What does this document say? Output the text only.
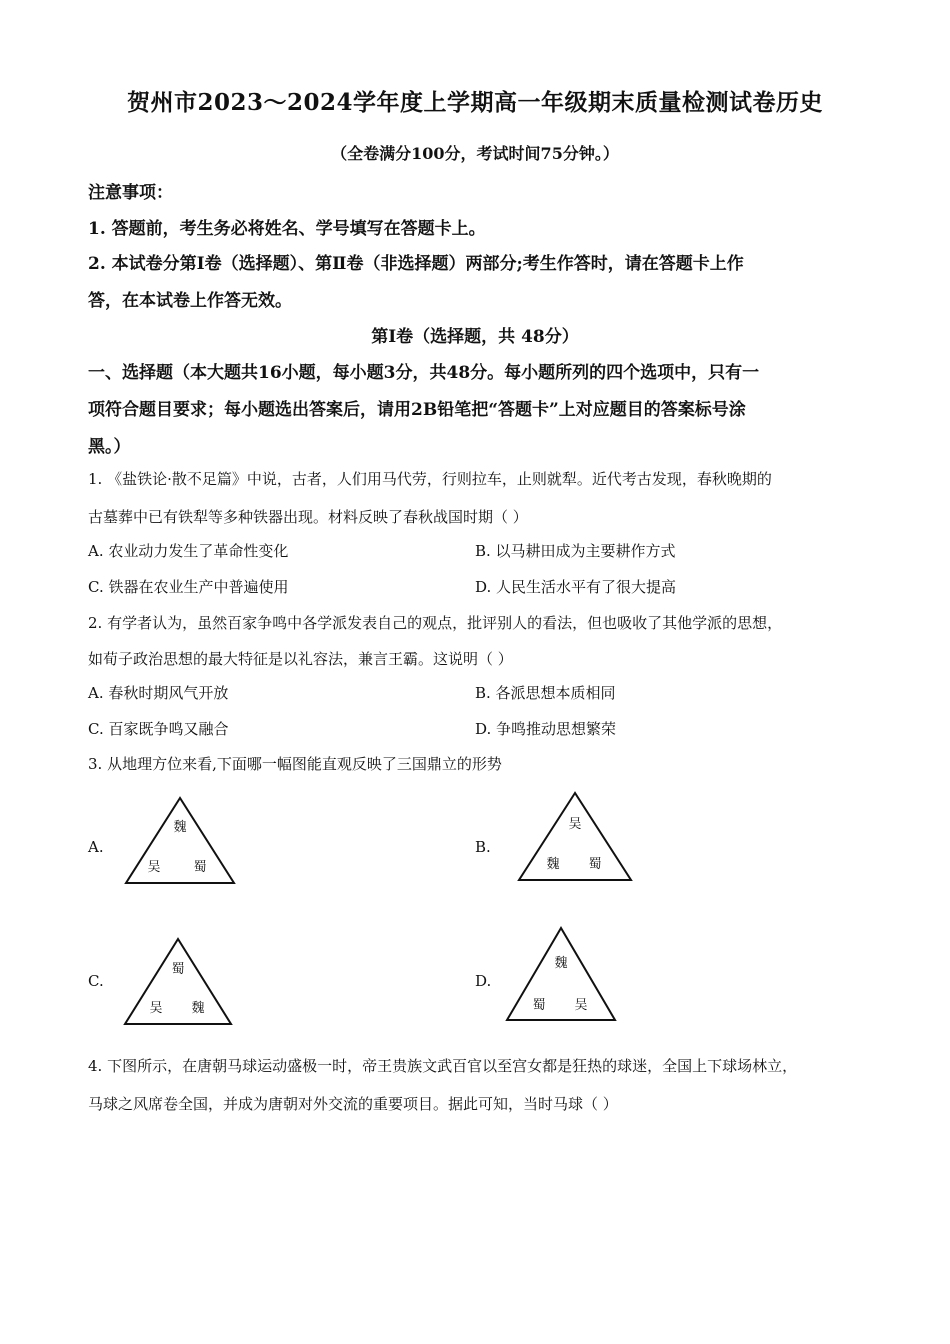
贺州市2023～2024学年度上学期高一年级期末质量检测试卷历史
（全卷满分100分，考试时间75分钟。）
注意事项：
1. 答题前，考生务必将姓名、学号填写在答题卡上。
2. 本试卷分第Ⅰ卷（选择题）、第Ⅱ卷（非选择题）两部分;考生作答时，请在答题卡上作
答，在本试卷上作答无效。
第Ⅰ卷（选择题，共 48分）
一、选择题（本大题共16小题，每小题3分，共48分。每小题所列的四个选项中，只有一
项符合题目要求；每小题选出答案后，请用2B铅笔把“答题卡”上对应题目的答案标号涂
黑。）
1. 《盐铁论·散不足篇》中说，古者，人们用马代劳，行则拉车，止则就犁。近代考古发现，春秋晚期的
古墓葬中已有铁犁等多种铁器出现。材料反映了春秋战国时期（ ）
A. 农业动力发生了革命性变化	B. 以马耕田成为主要耕作方式
C. 铁器在农业生产中普遍使用	D. 人民生活水平有了很大提高
2. 有学者认为，虽然百家争鸣中各学派发表自己的观点，批评别人的看法，但也吸收了其他学派的思想，
如荀子政治思想的最大特征是以礼容法，兼言王霸。这说明（ ）
A. 春秋时期风气开放	B. 各派思想本质相同
C. 百家既争鸣又融合	D. 争鸣推动思想繁荣
3. 从地理方位来看,下面哪一幅图能直观反映了三国鼎立的形势
A.
魏
吴	蜀
B.
吴
魏 蜀
C.
蜀
吴 魏
D.
魏
蜀 吴
4. 下图所示，在唐朝马球运动盛极一时，帝王贵族文武百官以至宫女都是狂热的球迷，全国上下球场林立，
马球之风席卷全国，并成为唐朝对外交流的重要项目。据此可知，当时马球（ ）
